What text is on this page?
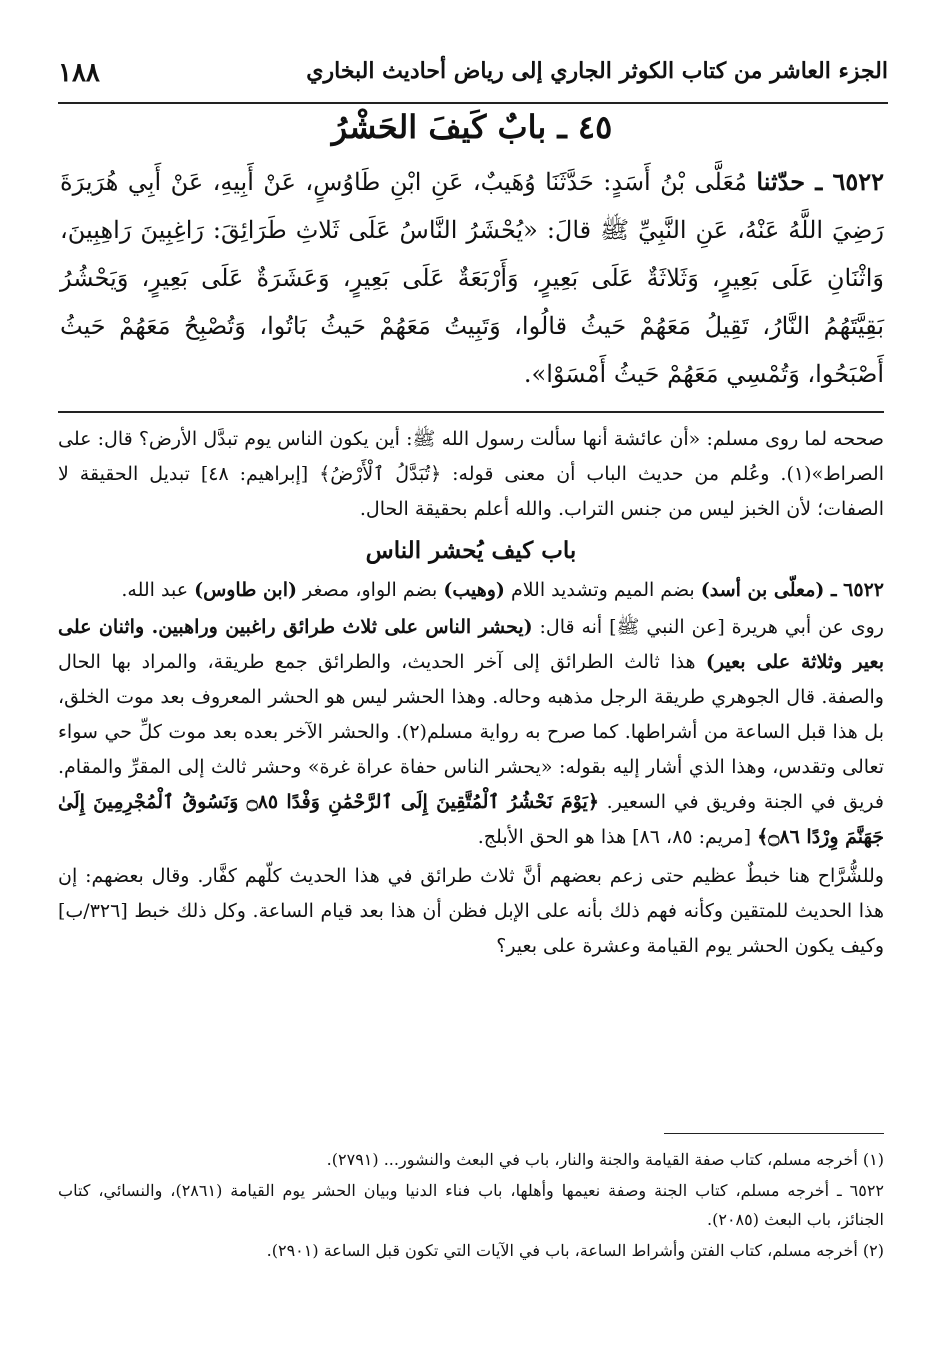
الجزء العاشر من كتاب الكوثر الجاري إلى رياض أحاديث البخاري
١٨٨
٤٥ ـ بابٌ كَيفَ الحَشْرُ
٦٥٢٢ ـ حدّثنا مُعَلَّى بْنُ أَسَدٍ: حَدَّثَنَا وُهَيبٌ، عَنِ ابْنِ طَاوُسٍ، عَنْ أَبِيهِ، عَنْ أَبِي هُرَيرَةَ رَضِيَ اللَّهُ عَنْهُ، عَنِ النَّبِيِّ ﷺ قالَ: «يُحْشَرُ النَّاسُ عَلَى ثَلاثِ طَرَائِقَ: رَاغِبِينَ رَاهِبِينَ، وَاثْنَانِ عَلَى بَعِيرٍ، وَثَلاثَةٌ عَلَى بَعِيرٍ، وَأَرْبَعَةٌ عَلَى بَعِيرٍ، وَعَشَرَةٌ عَلَى بَعِيرٍ، وَيَحْشُرُ بَقِيَّتَهُمُ النَّارُ، تَقِيلُ مَعَهُمْ حَيثُ قالُوا، وَتَبِيتُ مَعَهُمْ حَيثُ بَاتُوا، وَتُصْبِحُ مَعَهُمْ حَيثُ أَصْبَحُوا، وَتُمْسِي مَعَهُمْ حَيثُ أَمْسَوْا».

صححه لما روى مسلم: «أن عائشة أنها سألت رسول الله ﷺ: أين يكون الناس يوم تبدَّل الأرض؟ قال: على الصراط»(١). وعُلم من حديث الباب أن معنى قوله: ﴿تُبَدَّلُ ٱلْأَرْضُ﴾ [إبراهيم: ٤٨] تبديل الحقيقة لا الصفات؛ لأن الخبز ليس من جنس التراب. والله أعلم بحقيقة الحال.

باب كيف يُحشر الناس

٦٥٢٢ ـ (معلّى بن أسد) بضم الميم وتشديد اللام (وهيب) بضم الواو، مصغر (ابن طاوس) عبد الله.

روى عن أبي هريرة [عن النبي ﷺ] أنه قال: (يحشر الناس على ثلاث طرائق راغبين وراهبين. واثنان على بعير وثلاثة على بعير) هذا ثالث الطرائق إلى آخر الحديث، والطرائق جمع طريقة، والمراد بها الحال والصفة. قال الجوهري طريقة الرجل مذهبه وحاله. وهذا الحشر ليس هو الحشر المعروف بعد موت الخلق، بل هذا قبل الساعة من أشراطها. كما صرح به رواية مسلم(٢). والحشر الآخر بعده بعد موت كلِّ حي سواء تعالى وتقدس، وهذا الذي أشار إليه بقوله: «يحشر الناس حفاة عراة غرة» وحشر ثالث إلى المقرِّ والمقام. فريق في الجنة وفريق في السعير. ﴿يَوْمَ نَحْشُرُ ٱلْمُتَّقِينَ إِلَى ٱلرَّحْمَٰنِ وَفْدًا ۝٨٥ وَنَسُوقُ ٱلْمُجْرِمِينَ إِلَىٰ جَهَنَّمَ وِرْدًا ۝٨٦﴾ [مريم: ٨٥، ٨٦] هذا هو الحق الأبلج.

وللشُّرَّاح هنا خبطٌ عظيم حتى زعم بعضهم أنَّ ثلاث طرائق في هذا الحديث كلّهم كفَّار. وقال بعضهم: إن هذا الحديث للمتقين وكأنه فهم ذلك بأنه على الإبل فظن أن هذا بعد قيام الساعة. وكل ذلك خبط [٣٢٦/ب] وكيف يكون الحشر يوم القيامة وعشرة على بعير؟

(١) أخرجه مسلم، كتاب صفة القيامة والجنة والنار، باب في البعث والنشور... (٢٧٩١).

٦٥٢٢ ـ أخرجه مسلم، كتاب الجنة وصفة نعيمها وأهلها، باب فناء الدنيا وبيان الحشر يوم القيامة (٢٨٦١)، والنسائي، كتاب الجنائز، باب البعث (٢٠٨٥).

(٢) أخرجه مسلم، كتاب الفتن وأشراط الساعة، باب في الآيات التي تكون قبل الساعة (٢٩٠١).
